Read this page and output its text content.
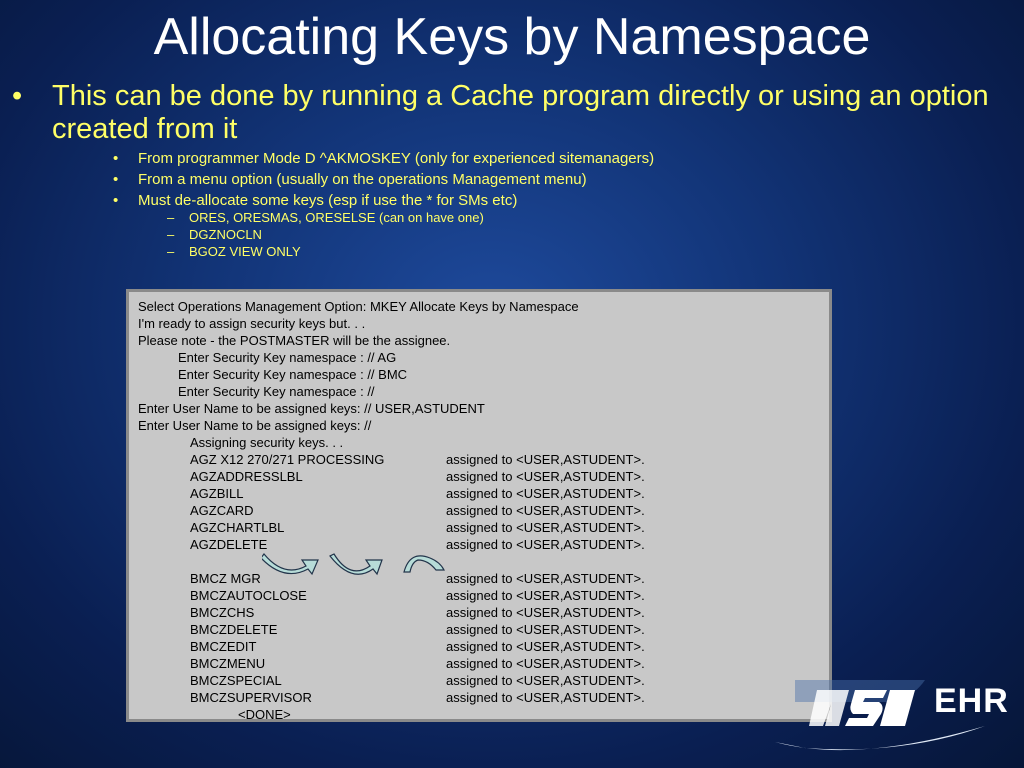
Allocating Keys by Namespace
•	This can be done by running a Cache program directly or using an option created from it
• From programmer Mode D ^AKMOSKEY (only for experienced sitemanagers)
• From a menu option (usually on the operations Management menu)
• Must de-allocate some keys (esp if use the * for SMs etc)
– ORES, ORESMAS, ORESELSE (can on have one)
– DGZNOCLN
– BGOZ VIEW ONLY
Select Operations Management Option: MKEY Allocate Keys by Namespace
I'm ready to assign security keys but. . .
Please note - the POSTMASTER will be the assignee.
Enter Security Key namespace : // AG
Enter Security Key namespace : // BMC
Enter Security Key namespace : //
Enter User Name to be assigned keys: // USER,ASTUDENT
Enter User Name to be assigned keys: //
Assigning security keys. . .
AGZ X12 270/271 PROCESSING	assigned to <USER,ASTUDENT>.
AGZADDRESSLBL	assigned to <USER,ASTUDENT>.
AGZBILL	assigned to <USER,ASTUDENT>.
AGZCARD	assigned to <USER,ASTUDENT>.
AGZCHARTLBL	assigned to <USER,ASTUDENT>.
AGZDELETE	assigned to <USER,ASTUDENT>.
BMCZ MGR	assigned to <USER,ASTUDENT>.
BMCZAUTOCLOSE	assigned to <USER,ASTUDENT>.
BMCZCHS	assigned to <USER,ASTUDENT>.
BMCZDELETE	assigned to <USER,ASTUDENT>.
BMCZEDIT	assigned to <USER,ASTUDENT>.
BMCZMENU	assigned to <USER,ASTUDENT>.
BMCZSPECIAL	assigned to <USER,ASTUDENT>.
BMCZSUPERVISOR	assigned to <USER,ASTUDENT>.
<DONE>	EHR
